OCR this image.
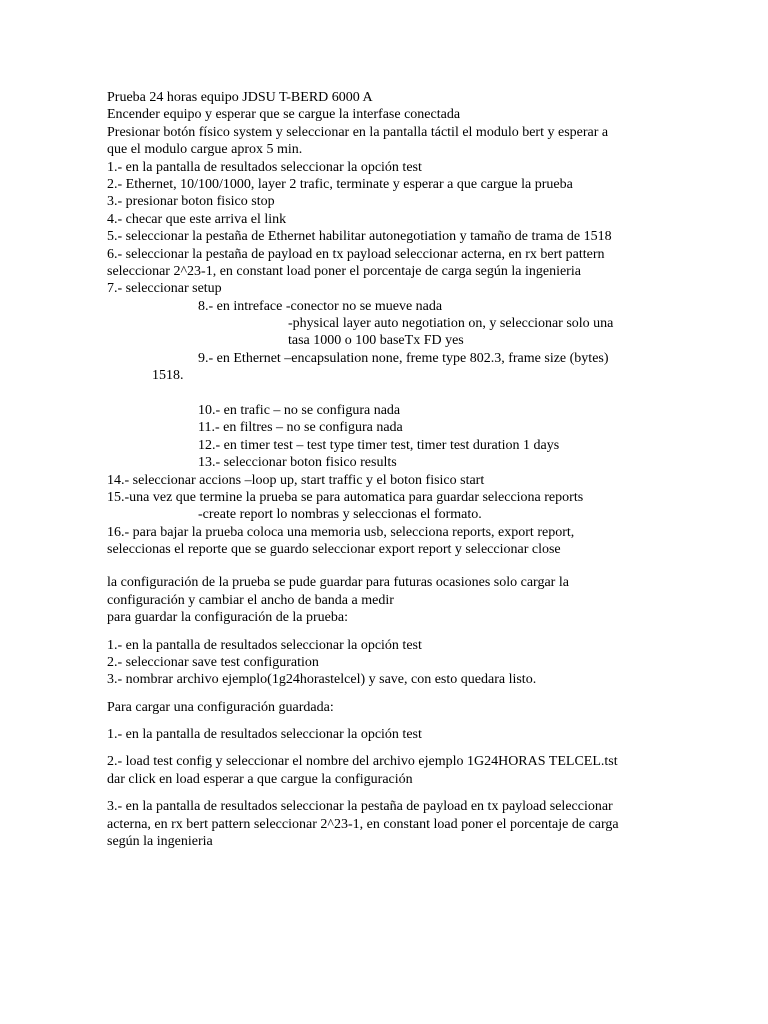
Prueba 24 horas equipo JDSU T-BERD 6000 A
Encender equipo y esperar que se cargue la interfase conectada
Presionar botón físico system y seleccionar en la pantalla táctil el modulo bert y esperar a
que el modulo cargue aprox 5 min.
1.- en la pantalla de resultados seleccionar la opción test
2.- Ethernet, 10/100/1000, layer 2 trafic, terminate y esperar a que cargue la prueba
3.- presionar boton fisico stop
4.- checar que este arriva el link
5.- seleccionar la pestaña de Ethernet habilitar autonegotiation y tamaño de trama de 1518
6.- seleccionar la pestaña de payload en tx payload seleccionar acterna, en rx bert pattern
seleccionar 2^23-1, en constant load poner el porcentaje de carga según la ingenieria
7.- seleccionar setup
8.- en intreface -conector no se mueve nada
-physical layer auto negotiation on, y seleccionar solo una
tasa 1000 o 100 baseTx FD yes
9.- en Ethernet –encapsulation none, freme type 802.3, frame size (bytes)
1518.
10.- en trafic – no se configura nada
11.- en filtres – no se configura nada
12.- en timer test – test type timer test, timer test duration 1 days
13.- seleccionar boton fisico results
14.- seleccionar accions –loop up, start traffic y el boton fisico start
15.-una vez que termine la prueba se para automatica para guardar selecciona reports
-create report lo nombras y seleccionas el formato.
16.- para bajar la prueba coloca una memoria usb, selecciona reports, export report,
seleccionas el reporte que se guardo seleccionar export report y seleccionar close
la configuración de la prueba se pude guardar para futuras ocasiones solo cargar la
configuración y cambiar el ancho de banda a medir
para guardar la configuración de la prueba:
1.- en la pantalla de resultados seleccionar la opción test
2.- seleccionar save test configuration
3.- nombrar archivo ejemplo(1g24horastelcel) y save, con esto quedara listo.
Para cargar una configuración guardada:
1.- en la pantalla de resultados seleccionar la opción test
2.- load test config y seleccionar el nombre del archivo ejemplo 1G24HORAS TELCEL.tst
dar click en load esperar a que cargue la configuración
3.- en la pantalla de resultados seleccionar la pestaña de payload en tx payload seleccionar
acterna, en rx bert pattern seleccionar 2^23-1, en constant load poner el porcentaje de carga
según la ingenieria
